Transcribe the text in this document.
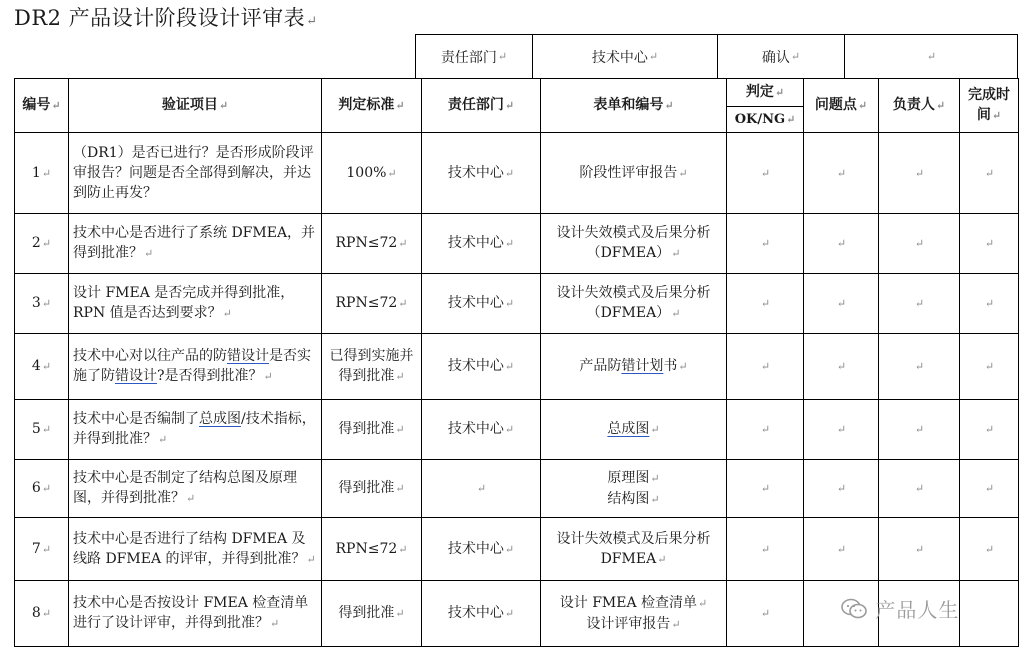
DR2 产品设计阶段设计评审表↵
责任部门 ↵	技术中心 ↵	确认 ↵	↵
编号↵	验证项目↵	判定标准↵	责任部门↵	表单和编号↵	判定↵	问题点↵	负责人↵	完成时
间↵
					OK/NG↵			
1↵	（DR1）是否已进行？是否形成阶段评审报告？问题是否全部得到解决，并达到防止再发？	100%↵	技术中心↵	阶段性评审报告↵	↵	↵	↵	↵
2↵	技术中心是否进行了系统 DFMEA，并得到批准？↵	RPN≤72↵	技术中心↵	设计失效模式及后果分析（DFMEA）↵	↵	↵	↵	↵
3↵	设计 FMEA 是否完成并得到批准，RPN 值是否达到要求？↵	RPN≤72↵	技术中心↵	设计失效模式及后果分析（DFMEA）↵	↵	↵	↵	↵
4↵	技术中心对以往产品的防错设计是否实施了防错设计?是否得到批准？↵	已得到实施并得到批准↵	技术中心↵	产品防错计划书↵	↵	↵	↵	↵
5↵	技术中心是否编制了总成图/技术指标，并得到批准？↵	得到批准↵	技术中心↵	总成图↵	↵	↵	↵	↵
6↵	技术中心是否制定了结构总图及原理图，并得到批准？↵	得到批准↵	↵	原理图↵
结构图↵	↵	↵	↵	↵
7↵	技术中心是否进行了结构 DFMEA 及线路 DFMEA 的评审，并得到批准？↵	RPN≤72↵	技术中心↵	设计失效模式及后果分析 DFMEA↵	↵	↵	↵	↵
8↵	技术中心是否按设计 FMEA 检查清单进行了设计评审，并得到批准？↵	得到批准↵	技术中心↵	设计 FMEA 检查清单↵
设计评审报告↵	↵				产品人生
